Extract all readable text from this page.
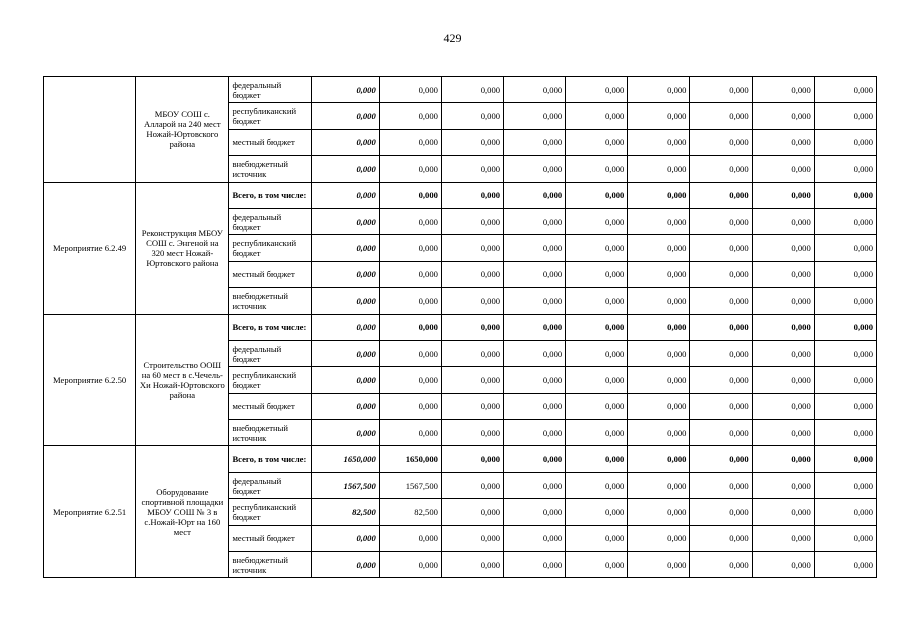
429
	МБОУ СОШ с. Алларой на 240 мест Ножай-Юртовского района	федеральный бюджет	0,000	0,000	0,000	0,000	0,000	0,000	0,000	0,000	0,000
		республиканский бюджет	0,000	0,000	0,000	0,000	0,000	0,000	0,000	0,000	0,000
		местный бюджет	0,000	0,000	0,000	0,000	0,000	0,000	0,000	0,000	0,000
		внебюджетный источник	0,000	0,000	0,000	0,000	0,000	0,000	0,000	0,000	0,000
Мероприятие 6.2.49	Реконструкция МБОУ СОШ с. Энгеной на 320 мест Ножай-Юртовского района	Всего, в том числе:	0,000	0,000	0,000	0,000	0,000	0,000	0,000	0,000	0,000
		федеральный бюджет	0,000	0,000	0,000	0,000	0,000	0,000	0,000	0,000	0,000
		республиканский бюджет	0,000	0,000	0,000	0,000	0,000	0,000	0,000	0,000	0,000
		местный бюджет	0,000	0,000	0,000	0,000	0,000	0,000	0,000	0,000	0,000
		внебюджетный источник	0,000	0,000	0,000	0,000	0,000	0,000	0,000	0,000	0,000
Мероприятие 6.2.50	Строительство ООШ на 60 мест в с.Чечель-Хи Ножай-Юртовского района	Всего, в том числе:	0,000	0,000	0,000	0,000	0,000	0,000	0,000	0,000	0,000
		федеральный бюджет	0,000	0,000	0,000	0,000	0,000	0,000	0,000	0,000	0,000
		республиканский бюджет	0,000	0,000	0,000	0,000	0,000	0,000	0,000	0,000	0,000
		местный бюджет	0,000	0,000	0,000	0,000	0,000	0,000	0,000	0,000	0,000
		внебюджетный источник	0,000	0,000	0,000	0,000	0,000	0,000	0,000	0,000	0,000
Мероприятие 6.2.51	Оборудование спортивной площадки МБОУ СОШ № 3 в с.Ножай-Юрт на 160 мест	Всего, в том числе:	1650,000	1650,000	0,000	0,000	0,000	0,000	0,000	0,000	0,000
		федеральный бюджет	1567,500	1567,500	0,000	0,000	0,000	0,000	0,000	0,000	0,000
		республиканский бюджет	82,500	82,500	0,000	0,000	0,000	0,000	0,000	0,000	0,000
		местный бюджет	0,000	0,000	0,000	0,000	0,000	0,000	0,000	0,000	0,000
		внебюджетный источник	0,000	0,000	0,000	0,000	0,000	0,000	0,000	0,000	0,000
